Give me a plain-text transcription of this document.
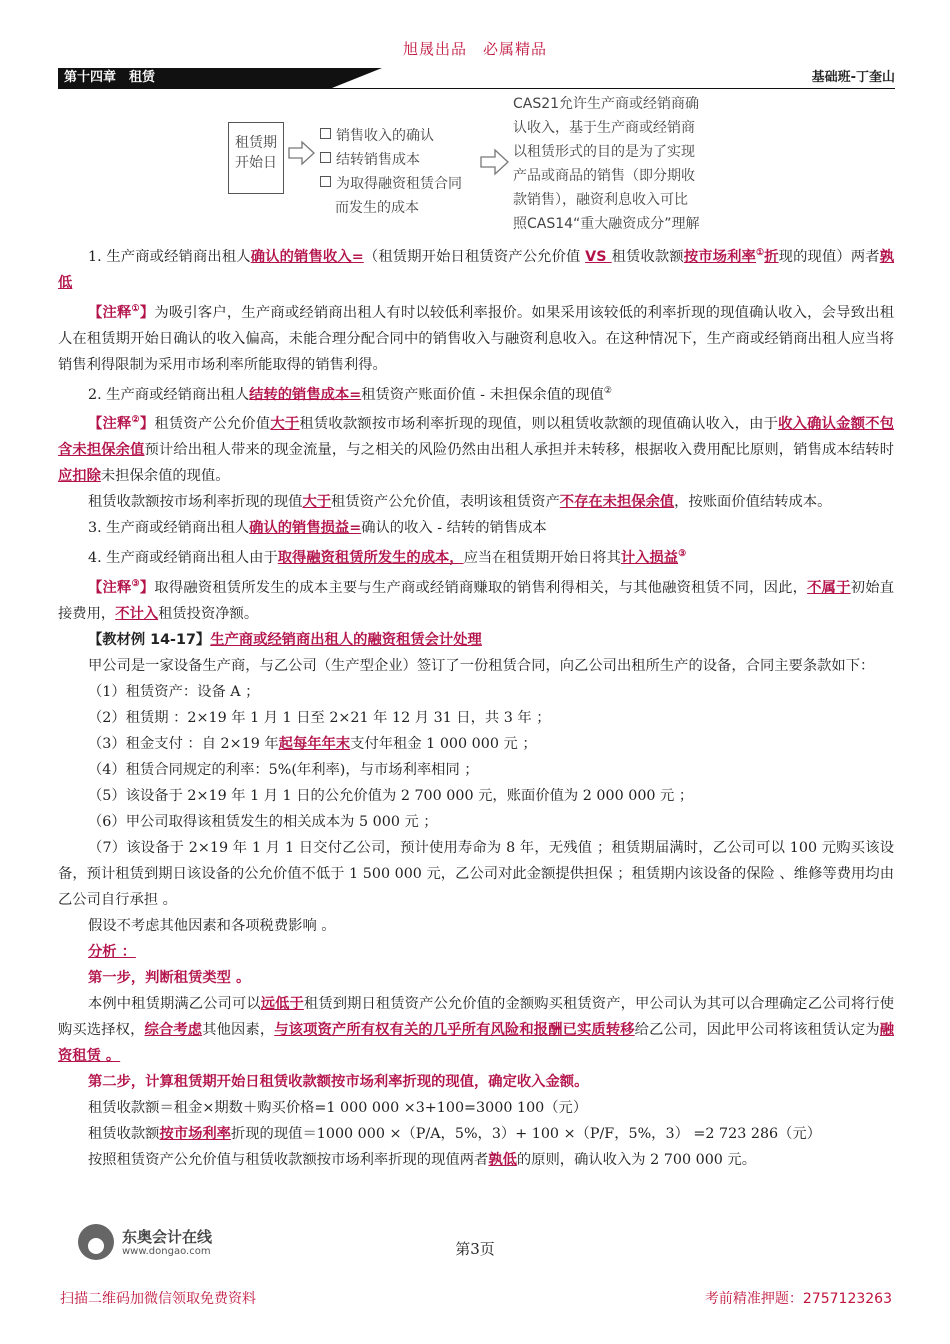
旭晟出品　必属精品
第十四章　租赁	基础班-丁奎山
租赁期
开始日
销售收入的确认
结转销售成本
为取得融资租赁合同
而发生的成本
CAS21允许生产商或经销商确
认收入，基于生产商或经销商
以租赁形式的目的是为了实现
产品或商品的销售（即分期收
款销售），融资利息收入可比
照CAS14“重大融资成分”理解

1. 生产商或经销商出租人确认的销售收入=（租赁期开始日租赁资产公允价值 VS 租赁收款额按市场利率①折现的现值）两者孰低

【注释①】为吸引客户，生产商或经销商出租人有时以较低利率报价。如果采用该较低的利率折现的现值确认收入，会导致出租人在租赁期开始日确认的收入偏高，未能合理分配合同中的销售收入与融资利息收入。在这种情况下，生产商或经销商出租人应当将销售利得限制为采用市场利率所能取得的销售利得。

2. 生产商或经销商出租人结转的销售成本=租赁资产账面价值 - 未担保余值的现值②

【注释②】租赁资产公允价值大于租赁收款额按市场利率折现的现值，则以租赁收款额的现值确认收入，由于收入确认金额不包含未担保余值预计给出租人带来的现金流量，与之相关的风险仍然由出租人承担并未转移，根据收入费用配比原则，销售成本结转时应扣除未担保余值的现值。

租赁收款额按市场利率折现的现值大于租赁资产公允价值，表明该租赁资产不存在未担保余值，按账面价值结转成本。

3. 生产商或经销商出租人确认的销售损益=确认的收入 - 结转的销售成本

4. 生产商或经销商出租人由于取得融资租赁所发生的成本，应当在租赁期开始日将其计入损益③

【注释③】取得融资租赁所发生的成本主要与生产商或经销商赚取的销售利得相关，与其他融资租赁不同，因此，不属于初始直接费用，不计入租赁投资净额。

【教材例 14-17】生产商或经销商出租人的融资租赁会计处理

甲公司是一家设备生产商，与乙公司（生产型企业）签订了一份租赁合同，向乙公司出租所生产的设备，合同主要条款如下：

（1）租赁资产：设备 A ；

（2）租赁期 ：2×19 年 1 月 1 日至 2×21 年 12 月 31 日，共 3 年 ；

（3）租金支付 ：自 2×19 年起每年年末支付年租金 1 000 000 元 ；

（4）租赁合同规定的利率：5%(年利率)，与市场利率相同 ；

（5）该设备于 2×19 年 1 月 1 日的公允价值为 2 700 000 元，账面价值为 2 000 000 元 ；

（6）甲公司取得该租赁发生的相关成本为 5 000 元 ；

（7）该设备于 2×19 年 1 月 1 日交付乙公司，预计使用寿命为 8 年，无残值 ；租赁期届满时，乙公司可以 100 元购买该设备，预计租赁到期日该设备的公允价值不低于 1 500 000 元，乙公司对此金额提供担保 ；租赁期内该设备的保险 、维修等费用均由乙公司自行承担 。

假设不考虑其他因素和各项税费影响 。

分析 ：

第一步，判断租赁类型 。

本例中租赁期满乙公司可以远低于租赁到期日租赁资产公允价值的金额购买租赁资产，甲公司认为其可以合理确定乙公司将行使购买选择权，综合考虑其他因素，与该项资产所有权有关的几乎所有风险和报酬已实质转移给乙公司，因此甲公司将该租赁认定为融资租赁 。

第二步，计算租赁期开始日租赁收款额按市场利率折现的现值，确定收入金额。

租赁收款额＝租金×期数＋购买价格=1 000 000 ×3+100=3000 100（元）

租赁收款额按市场利率折现的现值＝1000 000 ×（P/A，5%，3）+ 100 ×（P/F，5%，3） =2 723 286（元）

按照租赁资产公允价值与租赁收款额按市场利率折现的现值两者孰低的原则，确认收入为 2 700 000 元。

东奥会计在线
www.dongao.com	第3页
扫描二维码加微信领取免费资料	考前精准押题：2757123263
